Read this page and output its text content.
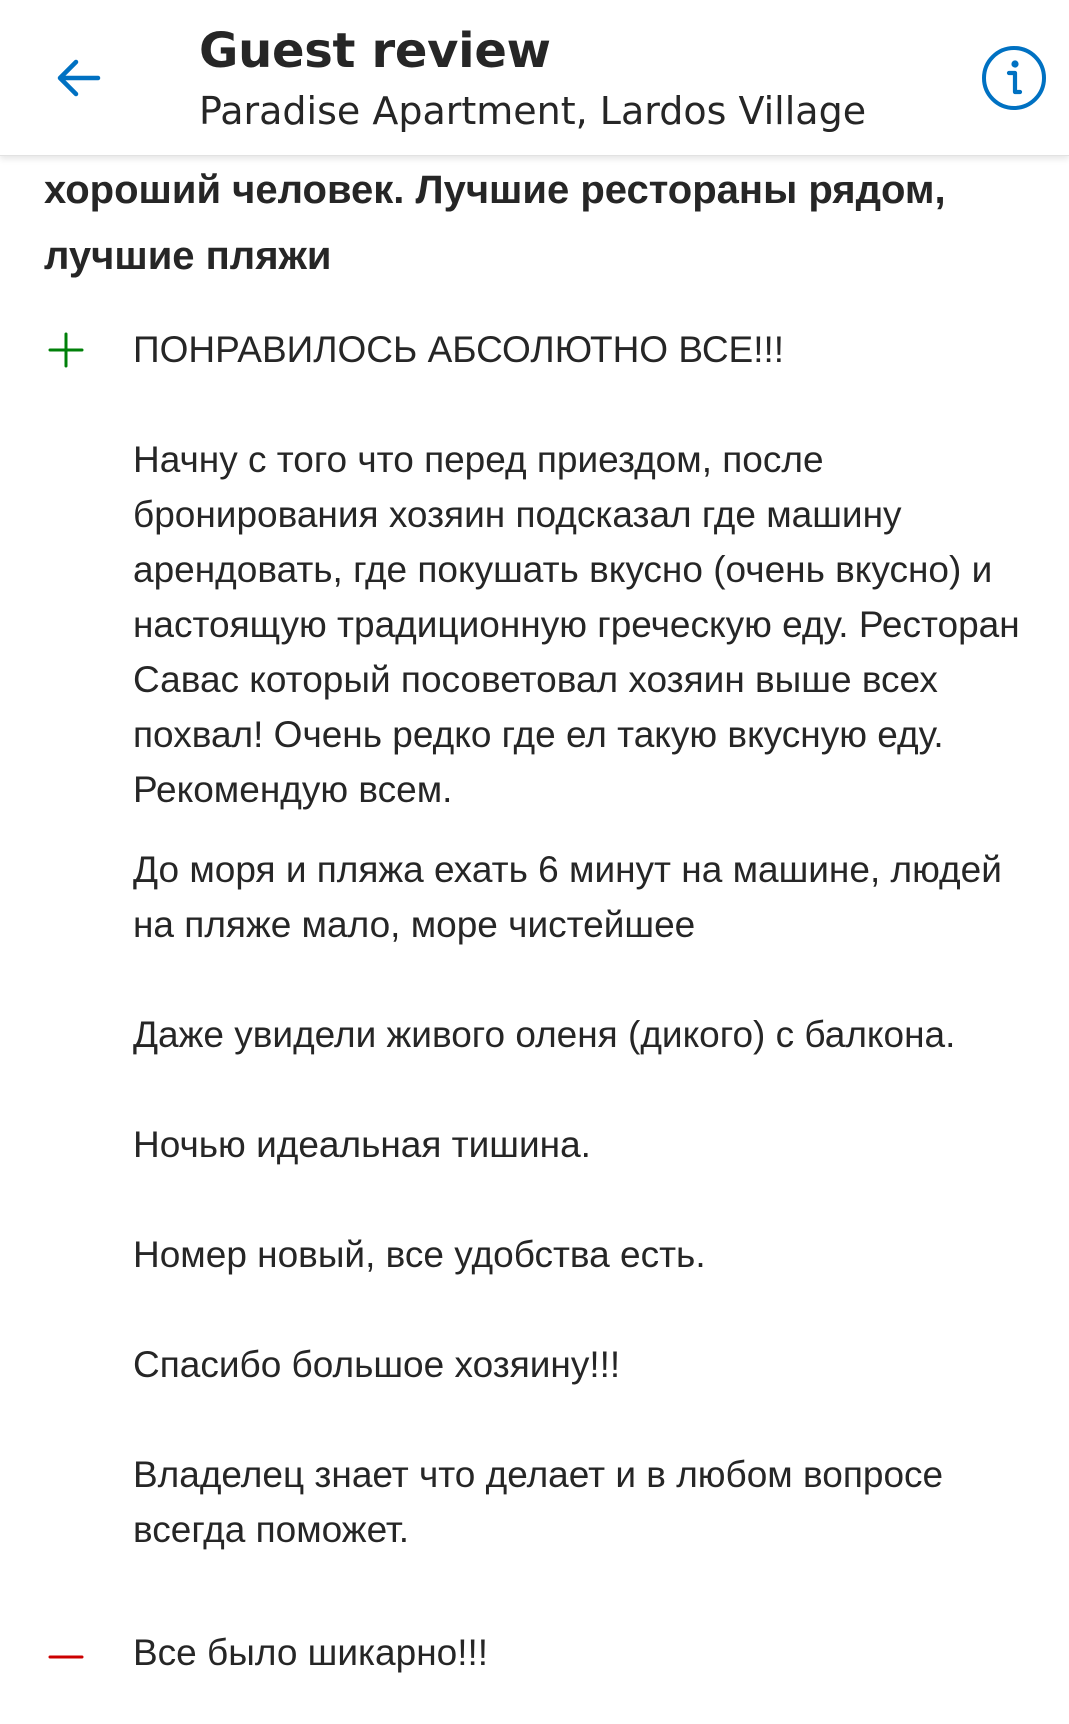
Guest review
Paradise Apartment, Lardos Village
хороший человек. Лучшие рестораны рядом, лучшие пляжи
ПОНРАВИЛОСЬ АБСОЛЮТНО ВСЕ!!!
Начну с того что перед приездом, после бронирования хозяин подсказал где машину арендовать, где покушать вкусно (очень вкусно) и настоящую традиционную греческую еду. Ресторан Савас который посоветовал хозяин выше всех похвал! Очень редко где ел такую вкусную еду. Рекомендую всем.
До моря и пляжа ехать 6 минут на машине, людей на пляже мало, море чистейшее
Даже увидели живого оленя (дикого) с балкона.
Ночью идеальная тишина.
Номер новый, все удобства есть.
Спасибо большое хозяину!!!
Владелец знает что делает и в любом вопросе всегда поможет.
Все было шикарно!!!
